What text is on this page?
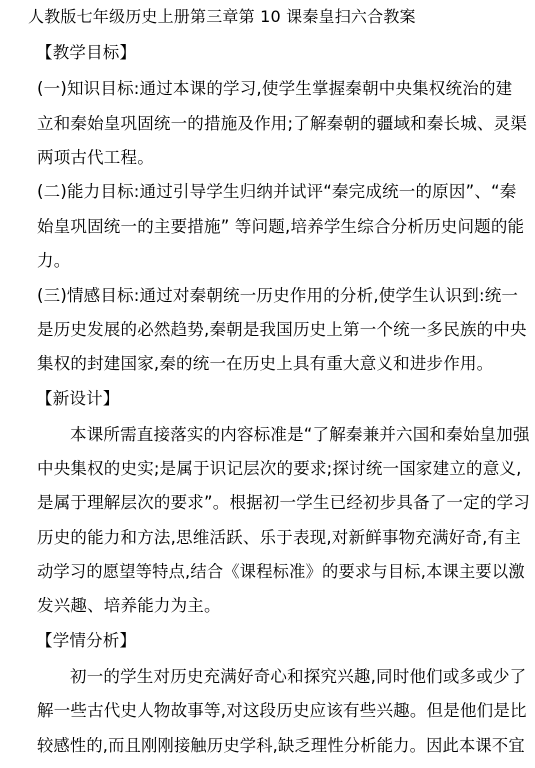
人教版七年级历史上册第三章第 10 课秦皇扫六合教案
【教学目标】
(一)知识目标:通过本课的学习,使学生掌握秦朝中央集权统治的建
立和秦始皇巩固统一的措施及作用;了解秦朝的疆域和秦长城、灵渠
两项古代工程。
(二)能力目标:通过引导学生归纳并试评“秦完成统一的原因”、“秦
始皇巩固统一的主要措施” 等问题,培养学生综合分析历史问题的能
力。
(三)情感目标:通过对秦朝统一历史作用的分析,使学生认识到:统一
是历史发展的必然趋势,秦朝是我国历史上第一个统一多民族的中央
集权的封建国家,秦的统一在历史上具有重大意义和进步作用。
【新设计】
本课所需直接落实的内容标准是“了解秦兼并六国和秦始皇加强
中央集权的史实;是属于识记层次的要求;探讨统一国家建立的意义,
是属于理解层次的要求”。根据初一学生已经初步具备了一定的学习
历史的能力和方法,思维活跃、乐于表现,对新鲜事物充满好奇,有主
动学习的愿望等特点,结合《课程标准》的要求与目标,本课主要以激
发兴趣、培养能力为主。
【学情分析】
初一的学生对历史充满好奇心和探究兴趣,同时他们或多或少了
解一些古代史人物故事等,对这段历史应该有些兴趣。但是他们是比
较感性的,而且刚刚接触历史学科,缺乏理性分析能力。因此本课不宜
